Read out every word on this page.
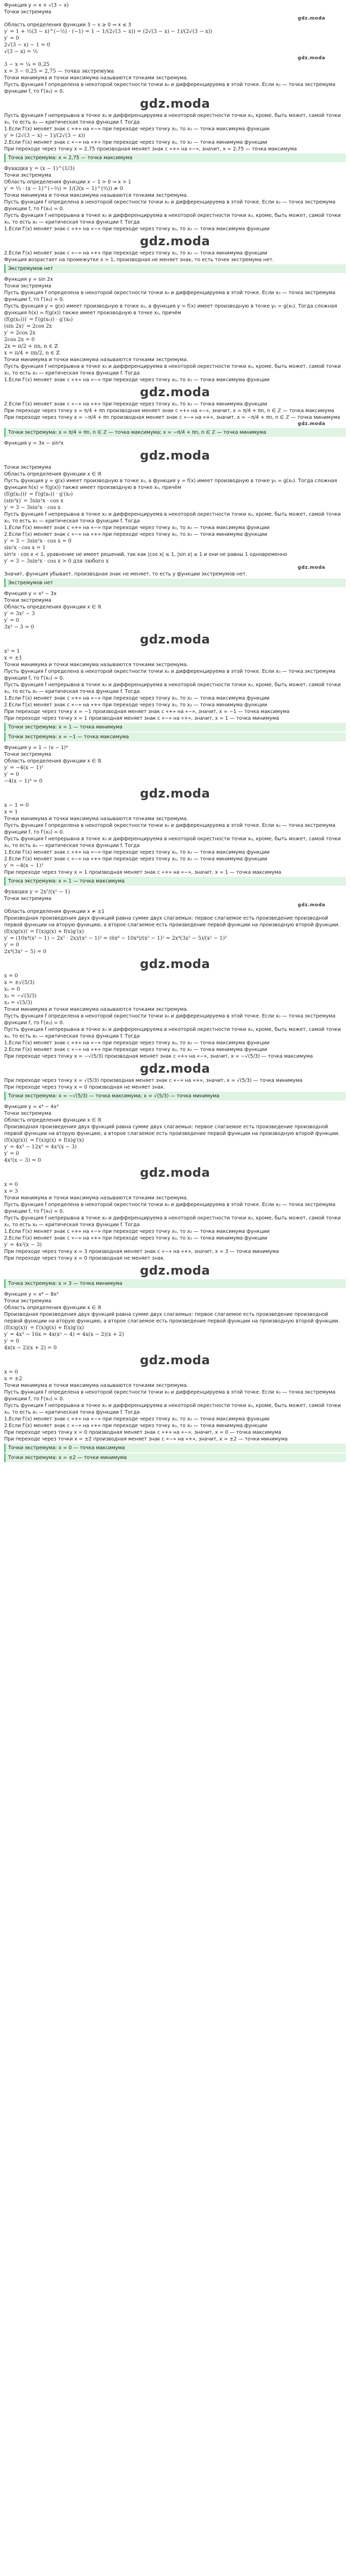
Функция y = x + √(3 − x)
Точки экстремума
gdz.moda
Область определения функции 3 − x ≥ 0 ⇒ x ≤ 3
y′ = 1 + ½(3 − x)^(−½) · (−1) = 1 − 1/(2√(3 − x)) = (2√(3 − x) − 1)/(2√(3 − x))
y′ = 0
2√(3 − x) − 1 = 0
√(3 − x) = ½
gdz.moda
3 − x = ¼ = 0,25
x = 3 − 0,25 = 2,75 — точка экстремума
Точки минимума и точки максимума называются точками экстремума.
Пусть функция f определена в некоторой окрестности точки x₀ и дифференцируема в этой точке. Если x₀ — точка экстремума функции f, то f′(x₀) = 0.
gdz.moda
Пусть функция f непрерывна в точке x₀ и дифференцируема в некоторой окрестности точки x₀, кроме, быть может, самой точки x₀, то есть x₀ — критическая точка функции f. Тогда
1.Если f′(x) меняет знак с «+» на «−» при переходе через точку x₀, то x₀ — точка максимума функции
y′ = (2√(3 − x) − 1)/(2√(3 − x))
2.Если f′(x) меняет знак с «−» на «+» при переходе через точку x₀, то x₀ — точка минимума функции
При переходе через точку x = 2,75 производная меняет знак с «+» на «−», значит, x = 2,75 — точка максимума
Точка экстремума: x = 2,75 — точка максимума
Функция y = (x − 1)^(1/3)
Точки экстремума
Область определения функции x − 1 > 0 ⇒ x > 1
y′ = ⅓ · (x − 1)^(−⅔) = 1/(3(x − 1)^(⅔)) ≠ 0
Точки минимума и точки максимума называются точками экстремума.
Пусть функция f определена в некоторой окрестности точки x₀ и дифференцируема в этой точке. Если x₀ — точка экстремума функции f, то f′(x₀) = 0.
Пусть функция f непрерывна в точке x₀ и дифференцируема в некоторой окрестности точки x₀, кроме, быть может, самой точки x₀, то есть x₀ — критическая точка функции f. Тогда
1.Если f′(x) меняет знак с «+» на «−» при переходе через точку x₀, то x₀ — точка максимума функции
gdz.moda
2.Если f′(x) меняет знак с «−» на «+» при переходе через точку x₀, то x₀ — точка минимума функции
Функция возрастает на промежутке x > 1, производная не меняет знак, то есть точек экстремума нет.
Экстремумов нет
Функция y = sin 2x
Точки экстремума
Пусть функция f определена в некоторой окрестности точки x₀ и дифференцируема в этой точке. Если x₀ — точка экстремума функции f, то f′(x₀) = 0.
Пусть функция y = g(x) имеет производную в точке x₀, а функция y = f(x) имеет производную в точке y₀ = g(x₀). Тогда сложная функция h(x) = f(g(x)) также имеет производную в точке x₀, причём
(f(g(x₀)))′ = f′(g(x₀)) · g′(x₀)
(sin 2x)′ = 2cos 2x
y′ = 2cos 2x
2cos 2x = 0
2x = π/2 + πn, n ∈ ℤ
x = π/4 + πn/2, n ∈ ℤ
Точки минимума и точки максимума называются точками экстремума.
Пусть функция f непрерывна в точке x₀ и дифференцируема в некоторой окрестности точки x₀, кроме, быть может, самой точки x₀, то есть x₀ — критическая точка функции f. Тогда
1.Если f′(x) меняет знак с «+» на «−» при переходе через точку x₀, то x₀ — точка максимума функции
gdz.moda
2.Если f′(x) меняет знак с «−» на «+» при переходе через точку x₀, то x₀ — точка минимума функции
При переходе через точку x = π/4 + πn производная меняет знак с «+» на «−», значит, x = π/4 + πn, n ∈ ℤ — точка максимума
При переходе через точку x = −π/4 + πn производная меняет знак с «−» на «+», значит, x = −π/4 + πn, n ∈ ℤ — точка минимума
gdz.moda
Точки экстремума: x = π/4 + πn, n ∈ ℤ — точка максимума; x = −π/4 + πn, n ∈ ℤ — точка минимума
Функция y = 3x − sin³x
gdz.moda
Точки экстремума
Область определения функции x ∈ ℝ
Пусть функция y = g(x) имеет производную в точке x₀, а функция y = f(x) имеет производную в точке y₀ = g(x₀). Тогда сложная функция h(x) = f(g(x)) также имеет производную в точке x₀, причём
(f(g(x₀)))′ = f′(g(x₀)) · g′(x₀)
(sin³x)′ = 3sin²x · cos x
y′ = 3 − 3sin²x · cos x
Пусть функция f непрерывна в точке x₀ и дифференцируема в некоторой окрестности точки x₀, кроме, быть может, самой точки x₀, то есть x₀ — критическая точка функции f. Тогда
1.Если f′(x) меняет знак с «+» на «−» при переходе через точку x₀, то x₀ — точка максимума функции
2.Если f′(x) меняет знак с «−» на «+» при переходе через точку x₀, то x₀ — точка минимума функции
y′ = 3 − 3sin²x · cos x = 0
sin²x · cos x = 1
sin²x · cos x < 1, уравнение не имеет решений, так как |cos x| ≤ 1, |sin x| ≤ 1 и они не равны 1 одновременно
y′ = 3 − 3sin²x · cos x > 0 для любого x
gdz.moda
Значит, функция убывает, производная знак не меняет, то есть у функции экстремумов нет.
Экстремумов нет
Функция y = x³ − 3x
Точки экстремума
Область определения функции x ∈ ℝ
y′ = 3x² − 3
y′ = 0
3x² − 3 = 0
gdz.moda
x² = 1
x = ±1
Точки минимума и точки максимума называются точками экстремума.
Пусть функция f определена в некоторой окрестности точки x₀ и дифференцируема в этой точке. Если x₀ — точка экстремума функции f, то f′(x₀) = 0.
Пусть функция f непрерывна в точке x₀ и дифференцируема в некоторой окрестности точки x₀, кроме, быть может, самой точки x₀, то есть x₀ — критическая точка функции f. Тогда
1.Если f′(x) меняет знак с «+» на «−» при переходе через точку x₀, то x₀ — точка максимума функции
2.Если f′(x) меняет знак с «−» на «+» при переходе через точку x₀, то x₀ — точка минимума функции
При переходе через точку x = −1 производная меняет знак с «+» на «−», значит, x = −1 — точка максимума
При переходе через точку x = 1 производная меняет знак с «−» на «+», значит, x = 1 — точка минимума
Точки экстремума: x = 1 — точка минимума
Точки экстремума: x = −1 — точка максимума
Функция y = 1 − (x − 1)⁴
Точки экстремума
Область определения функции x ∈ ℝ
y′ = −4(x − 1)³
y′ = 0
−4(x − 1)³ = 0
gdz.moda
x − 1 = 0
x = 1
Точки минимума и точки максимума называются точками экстремума.
Пусть функция f определена в некоторой окрестности точки x₀ и дифференцируема в этой точке. Если x₀ — точка экстремума функции f, то f′(x₀) = 0.
Пусть функция f непрерывна в точке x₀ и дифференцируема в некоторой окрестности точки x₀, кроме, быть может, самой точки x₀, то есть x₀ — критическая точка функции f. Тогда
1.Если f′(x) меняет знак с «+» на «−» при переходе через точку x₀, то x₀ — точка максимума функции
2.Если f′(x) меняет знак с «−» на «+» при переходе через точку x₀, то x₀ — точка минимума функции
y′ = −4(x − 1)³
При переходе через точку x = 1 производная меняет знак с «+» на «−», значит, x = 1 — точка максимума
Точка экстремума: x = 1 — точка максимума
Функция y = 2x⁵/(x² − 1)
Точки экстремума
gdz.moda
Область определения функции x ≠ ±1
Производная произведения двух функций равна сумме двух слагаемых: первое слагаемое есть произведение производной первой функции на вторую функцию, а второе слагаемое есть произведение первой функции на производную второй функции.
(f(x)g(x))′ = f′(x)g(x) + f(x)g′(x)
y′ = (10x⁴(x² − 1) − 2x⁵ · 2x)/(x² − 1)² = (6x⁶ − 10x⁴)/(x² − 1)² = 2x⁴(3x² − 5)/(x² − 1)²
y′ = 0
2x⁴(3x² − 5) = 0
gdz.moda
x = 0
x = ±√(5/3)
x₁ = 0
x₂ = −√(5/3)
x₃ = √(5/3)
Точки минимума и точки максимума называются точками экстремума.
Пусть функция f определена в некоторой окрестности точки x₀ и дифференцируема в этой точке. Если x₀ — точка экстремума функции f, то f′(x₀) = 0.
Пусть функция f непрерывна в точке x₀ и дифференцируема в некоторой окрестности точки x₀, кроме, быть может, самой точки x₀, то есть x₀ — критическая точка функции f. Тогда
1.Если f′(x) меняет знак с «+» на «−» при переходе через точку x₀, то x₀ — точка максимума функции
2.Если f′(x) меняет знак с «−» на «+» при переходе через точку x₀, то x₀ — точка минимума функции
При переходе через точку x = −√(5/3) производная меняет знак с «+» на «−», значит, x = −√(5/3) — точка максимума
gdz.moda
При переходе через точку x = √(5/3) производная меняет знак с «−» на «+», значит, x = √(5/3) — точка минимума
При переходе через точку x = 0 производная не меняет знак.
Точки экстремума: x = −√(5/3) — точка максимума; x = √(5/3) — точка минимума
Функция y = x⁴ − 4x³
Точки экстремума
Область определения функции x ∈ ℝ
Производная произведения двух функций равна сумме двух слагаемых: первое слагаемое есть произведение производной первой функции на вторую функцию, а второе слагаемое есть произведение первой функции на производную второй функции.
(f(x)g(x))′ = f′(x)g(x) + f(x)g′(x)
y′ = 4x³ − 12x² = 4x²(x − 3)
y′ = 0
4x²(x − 3) = 0
gdz.moda
x = 0
x = 3
Точки минимума и точки максимума называются точками экстремума.
Пусть функция f определена в некоторой окрестности точки x₀ и дифференцируема в этой точке. Если x₀ — точка экстремума функции f, то f′(x₀) = 0.
Пусть функция f непрерывна в точке x₀ и дифференцируема в некоторой окрестности точки x₀, кроме, быть может, самой точки x₀, то есть x₀ — критическая точка функции f. Тогда
1.Если f′(x) меняет знак с «+» на «−» при переходе через точку x₀, то x₀ — точка максимума функции
2.Если f′(x) меняет знак с «−» на «+» при переходе через точку x₀, то x₀ — точка минимума функции
y′ = 4x²(x − 3)
При переходе через точку x = 3 производная меняет знак с «−» на «+», значит, x = 3 — точка минимума
При переходе через точку x = 0 производная не меняет знак.
gdz.moda
Точка экстремума: x = 3 — точка минимума
Функция y = x⁴ − 8x²
Точки экстремума
Область определения функции x ∈ ℝ
Производная произведения двух функций равна сумме двух слагаемых: первое слагаемое есть произведение производной первой функции на вторую функцию, а второе слагаемое есть произведение первой функции на производную второй функции.
(f(x)g(x))′ = f′(x)g(x) + f(x)g′(x)
y′ = 4x³ − 16x = 4x(x² − 4) = 4x(x − 2)(x + 2)
y′ = 0
4x(x − 2)(x + 2) = 0
gdz.moda
x = 0
x = ±2
Точки минимума и точки максимума называются точками экстремума.
Пусть функция f определена в некоторой окрестности точки x₀ и дифференцируема в этой точке. Если x₀ — точка экстремума функции f, то f′(x₀) = 0.
Пусть функция f непрерывна в точке x₀ и дифференцируема в некоторой окрестности точки x₀, кроме, быть может, самой точки x₀, то есть x₀ — критическая точка функции f. Тогда
1.Если f′(x) меняет знак с «+» на «−» при переходе через точку x₀, то x₀ — точка максимума функции
2.Если f′(x) меняет знак с «−» на «+» при переходе через точку x₀, то x₀ — точка минимума функции
При переходе через точку x = 0 производная меняет знак с «+» на «−», значит, x = 0 — точка максимума
При переходе через точки x = ±2 производная меняет знак с «−» на «+», значит, x = ±2 — точки минимума
Точки экстремума: x = 0 — точка максимума
Точки экстремума: x = ±2 — точки минимума
